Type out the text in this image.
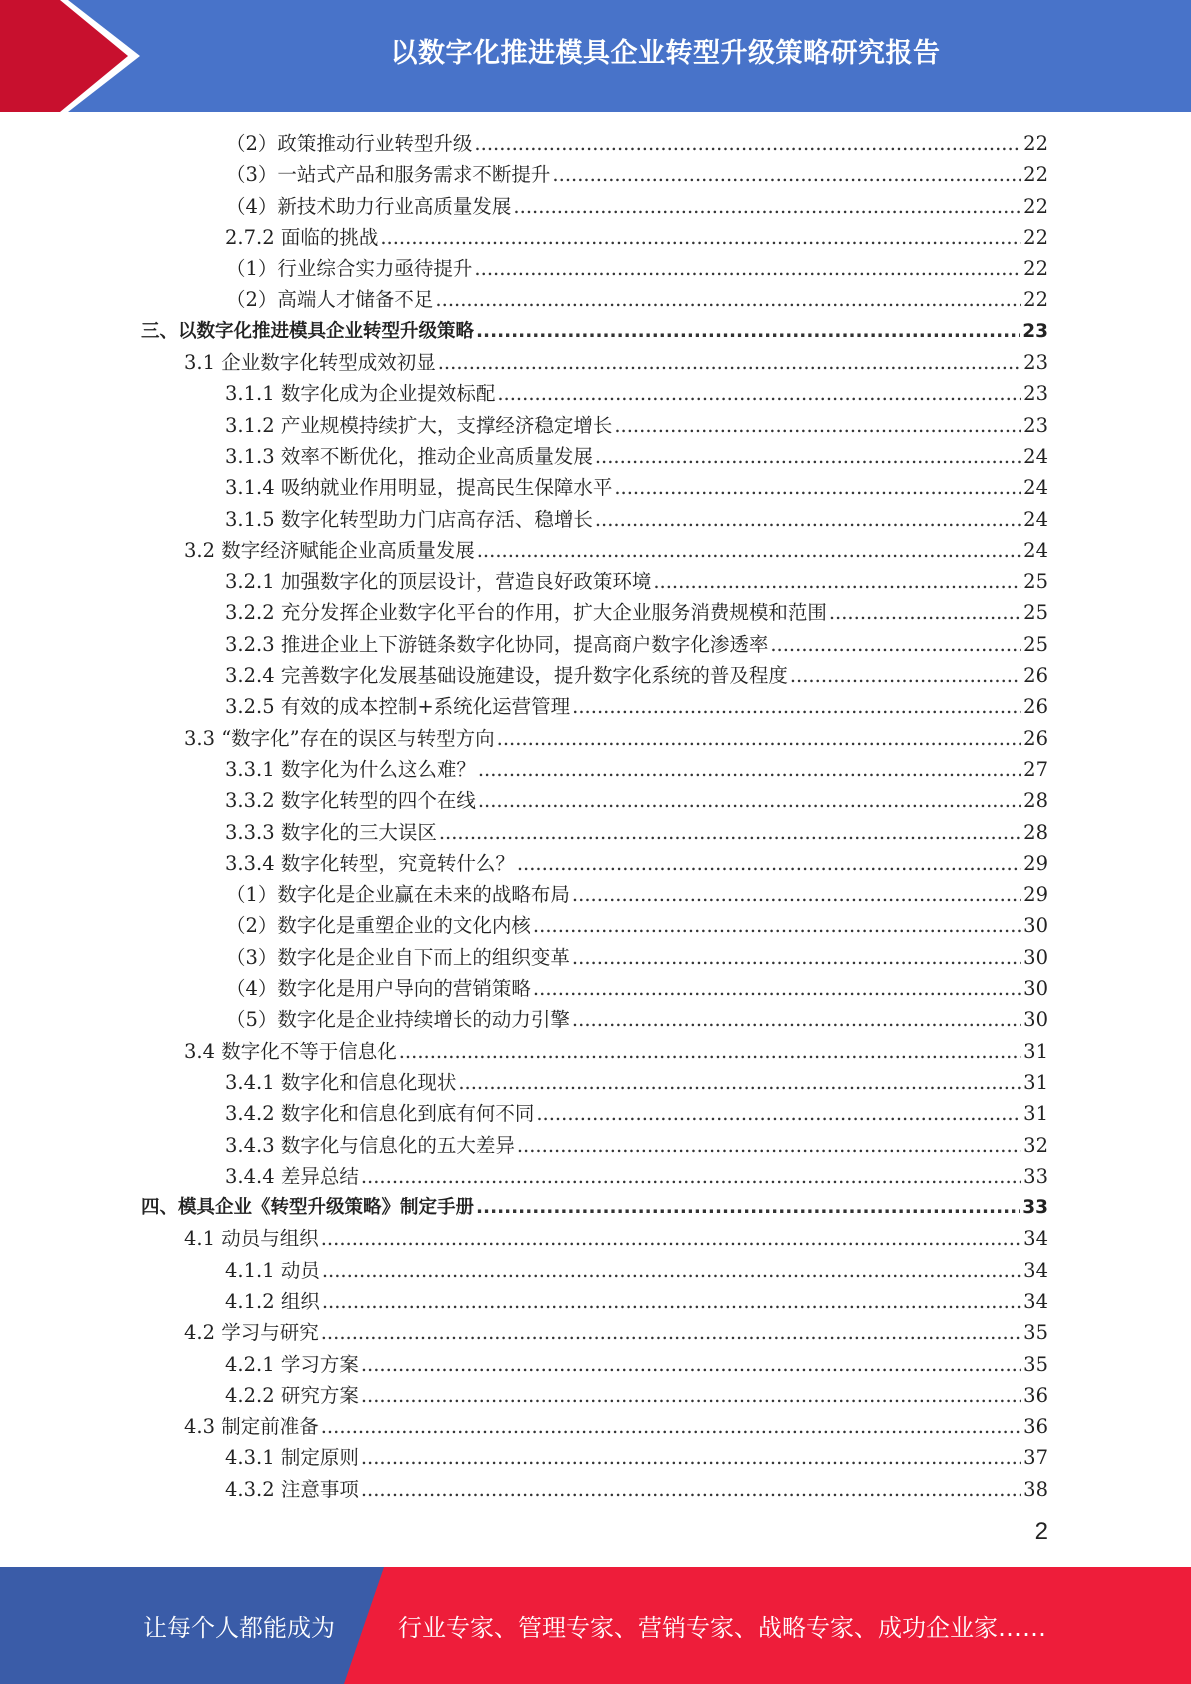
以数字化推进模具企业转型升级策略研究报告
（2）政策推动行业转型升级 .....	22
（3）一站式产品和服务需求不断提升 .....	22
（4）新技术助力行业高质量发展 .....	22
2.7.2 面临的挑战 .....	22
（1）行业综合实力亟待提升 .....	22
（2）高端人才储备不足 .....	22
三、以数字化推进模具企业转型升级策略 .....	23
3.1 企业数字化转型成效初显 .....	23
3.1.1 数字化成为企业提效标配 .....	23
3.1.2 产业规模持续扩大，支撑经济稳定增长 .....	23
3.1.3 效率不断优化，推动企业高质量发展 .....	24
3.1.4 吸纳就业作用明显，提高民生保障水平 .....	24
3.1.5 数字化转型助力门店高存活、稳增长 .....	24
3.2 数字经济赋能企业高质量发展 .....	24
3.2.1 加强数字化的顶层设计，营造良好政策环境 .....	25
3.2.2 充分发挥企业数字化平台的作用，扩大企业服务消费规模和范围 .....	25
3.2.3 推进企业上下游链条数字化协同，提高商户数字化渗透率 .....	25
3.2.4 完善数字化发展基础设施建设，提升数字化系统的普及程度 .....	26
3.2.5 有效的成本控制+系统化运营管理 .....	26
3.3 “数字化”存在的误区与转型方向 .....	26
3.3.1 数字化为什么这么难？ .....	27
3.3.2 数字化转型的四个在线 .....	28
3.3.3 数字化的三大误区 .....	28
3.3.4 数字化转型，究竟转什么？ .....	29
（1）数字化是企业赢在未来的战略布局 .....	29
（2）数字化是重塑企业的文化内核 .....	30
（3）数字化是企业自下而上的组织变革 .....	30
（4）数字化是用户导向的营销策略 .....	30
（5）数字化是企业持续增长的动力引擎 .....	30
3.4 数字化不等于信息化 .....	31
3.4.1 数字化和信息化现状 .....	31
3.4.2 数字化和信息化到底有何不同 .....	31
3.4.3 数字化与信息化的五大差异 .....	32
3.4.4 差异总结 .....	33
四、模具企业《转型升级策略》制定手册 .....	33
4.1 动员与组织 .....	34
4.1.1 动员 .....	34
4.1.2 组织 .....	34
4.2 学习与研究 .....	35
4.2.1 学习方案 .....	35
4.2.2 研究方案 .....	36
4.3 制定前准备 .....	36
4.3.1 制定原则 .....	37
4.3.2 注意事项 .....	38
2
让每个人都能成为	行业专家、管理专家、营销专家、战略专家、成功企业家……
